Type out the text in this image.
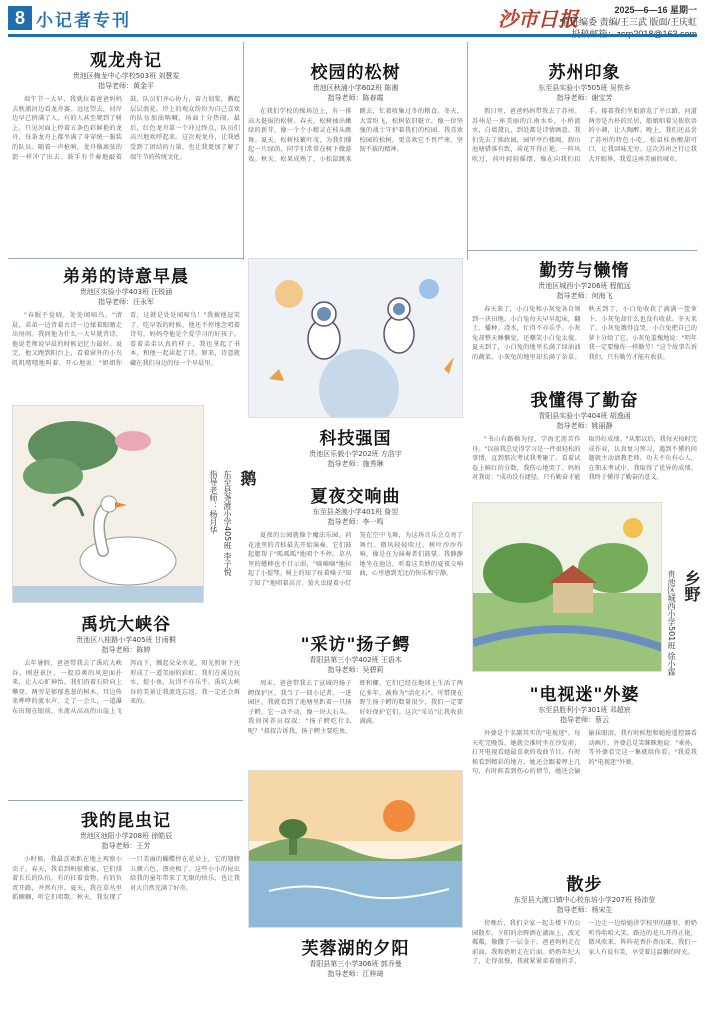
8 小记者专刊	沙市日报	2025—6—16 星期一
值班编委 责编/王三武 版面/王庆虹
观龙舟记
贵池区梅龙中心学校503班 刘慧雯
指导老师：黄金平
端午节一大早，我就拉着爸爸妈妈去秋浦河边看龙舟赛。远远望去，河岸边早已挤满了人，有的人甚至爬到了树上。只见河面上停着五条色彩鲜艳的龙舟，每条龙舟上都坐满了身穿统一服装的队员。随着一声枪响，龙舟像离弦的箭一样冲了出去。鼓手有节奏地敲着鼓，队员们齐心协力，奋力划桨，溅起层层浪花。岸上的观众纷纷为自己喜欢的队伍加油呐喊，场面十分热闹。最后，红色龙舟第一个冲过终点，队员们高兴地欢呼起来。这次观龙舟，让我感受到了团结的力量，也让我更加了解了端午节的传统文化。
校园的松树
贵池区秋浦小学602班 陈湘
指导老师：陈春霞
在我们学校的操场边上，有一排高大挺拔的松树。春天，松树抽出嫩绿的新芽，像一个个小精灵在枝头跳舞。夏天，松树枝繁叶茂，为我们撑起一片绿荫，同学们常常在树下做游戏。秋天，松果成熟了，小松鼠跳来跳去，忙着收集过冬的粮食。冬天，大雪纷飞，松树依旧挺立，像一位坚强的战士守护着我们的校园。我喜欢校园的松树，更喜欢它不畏严寒、坚韧不拔的精神。
苏州印象
东至县实验小学505班 吴佚乡
指导老师：谢宝芳
假日里，爸爸妈妈带我去了苏州。苏州是一座美丽的江南水乡，小桥流水，白墙黛瓦，到处都是诗情画意。我们先去了拙政园，园里亭台楼阁、假山池塘错落有致，荷花开得正艳，一阵风吹过，荷叶轻轻摇摆，像在向我们招手。接着我们坐船游览了平江路，河道两旁是古朴的民居，船娘唱着吴侬软语的小调，让人陶醉。晚上，我们还品尝了苏州的特色小吃，松鼠桂鱼酸甜可口，让我回味无穷。这次苏州之行让我大开眼界，我爱这座美丽的城市。
弟弟的诗意早晨
贵池区实验小学403班 汪锐涵
指导老师：汪永军
"春眠不觉晓，处处闻啼鸟。"清晨，弟弟一边背着古诗一边揉着眼睛走出房间。我问他为什么一大早就背诗，他说老师说早晨的时候记忆力最好。说完，他又跑到阳台上，看着窗外的小鸟叽叽喳喳地叫着，开心地说："姐姐你看，这就是处处闻啼鸟！"我被他逗笑了。吃早饭的时候，他还不停地念叨着诗句，妈妈夸他是个爱学习的好孩子。看着弟弟认真的样子，我也拿起了书本，和他一起读起了诗。原来，诗意就藏在我们身边的每一个早晨里。
勤劳与懒惰
贵池区城西小学206班 程航远
指导老师：何海飞
春天来了，小白兔和小灰兔各自领到一块田地。小白兔每天早早起床，翻土、播种、浇水，忙得不亦乐乎。小灰兔却整天睡懒觉，还嘲笑小白兔太傻。夏天到了，小白兔的地里长满了绿油油的蔬菜，小灰兔的地里却长满了杂草。秋天到了，小白兔收获了满满一筐萝卜，小灰兔却什么也没有收获。冬天来了，小灰兔饿得直哭，小白兔把自己的萝卜分给了它。小灰兔羞愧地说："明年我一定要像你一样勤劳！"这个故事告诉我们，只有勤劳才能有收获。
我懂得了勤奋
青阳县实验小学404班 胡逸函
指导老师：姚丽静
"书山有路勤为径，学海无涯苦作舟。"以前我总觉得学习是一件很轻松的事情，直到那次考试我考砸了。看着试卷上鲜红的分数，我伤心地哭了。妈妈对我说："成功没有捷径，只有勤奋才能取得好成绩。"从那以后，我每天按时完成作业，认真复习预习，遇到不懂的问题就主动请教老师。功夫不负有心人，在期末考试中，我取得了优异的成绩。我终于懂得了勤奋的意义。
鹅
东至县尧渡小学405班 李子悦
指导老师：杨月华
科技强国
贵池区乐毅小学202班 方浩宇
指导老师：施秀琳
夏夜交响曲
东至县尧渡小学401班 詹翌
指导老师：李一鸣
夏夜的公园就像个魔法乐园。荷花池里的青蛙最先开始演奏，它们鼓起腮帮子"呱呱呱"地唱个不停。草丛里的蟋蟀也不甘示弱，"嘀嘀嘀"地拉起了小提琴。树上的知了扯着嗓子"知了知了"地唱着高音。萤火虫提着小灯笼在空中飞舞，为这场音乐会点亮了舞台。微风轻轻吹过，树叶沙沙作响，像是在为演奏者们鼓掌。我静静地坐在池边，听着这美妙的夏夜交响曲，心里感到无比的快乐和宁静。	乡野
贵池区城西小学501班 徐小霖
禹坑大峡谷
贵池区八桂路小学405班 甘雨桐
指导老师：陈婷
去年暑假，爸爸带我去了禹坑大峡谷。刚进景区，一股凉爽的风迎面扑来，让人心旷神怡。我们沿着石阶向上攀登，两旁是郁郁葱葱的树木，耳边传来哗哗的流水声。走了一会儿，一道瀑布出现在眼前，水流从高高的山崖上飞泻而下，溅起朵朵水花，阳光照射下还形成了一道美丽的彩虹。我们在溪边玩水，捉小鱼，玩得不亦乐乎。禹坑大峡谷的美景让我流连忘返，我一定还会再来的。
"采访"扬子鳄
青阳县第三小学402班 王语木
指导老师：吴碧莉
周末，爸爸带我去了宣城的扬子鳄保护区，我当了一回小记者。一进园区，我就看到了池塘里趴着一只扬子鳄，它一动不动，像一块大石头。我问饲养员叔叔："扬子鳄吃什么呢？"叔叔告诉我，扬子鳄主要吃鱼、虾和螺，它们已经在地球上生活了两亿多年，被称为"活化石"。可惜现在野生扬子鳄的数量很少，我们一定要好好保护它们。这次"采访"让我收获满满。
"电视迷"外婆
东至县胜利小学301班 邓超宸
指导老师：蔡云
外婆是个名副其实的"电视迷"。每天吃完晚饭，她就会准时坐在沙发前，打开电视看她最喜欢的戏曲节目。有时候看到精彩的地方，她还会跟着哼上几句，有时候看到伤心的情节，她还会偷偷抹眼泪。我有时候想和她抢遥控器看动画片，外婆总是笑眯眯地说："乖孙，等外婆看完这一集就给你看。"我爱我的"电视迷"外婆。
我的昆虫记
贵池区池阳小学208班 徐皓辰
指导老师：王芳
小时候，我最喜欢趴在地上观察小虫子。春天，我看到蚂蚁搬家，它们排着长长的队伍，有的扛着食物，有的负责开路，井然有序。夏天，我在草丛里抓蝈蝈，听它们唱歌。秋天，我发现了一只美丽的蝴蝶停在花朵上，它的翅膀五颜六色，漂亮极了。这些小小的昆虫给我的童年带来了无限的快乐，也让我对大自然充满了好奇。
芙蓉湖的夕阳
青阳县第三小学306班 郭乔曼
指导老师：江梓琦
散步
东至县大渡口镇中心校东培小学207班 杨沛莹
指导老师：杨宋生
傍晚后，我们全家一起去楼下的公园散步。夕阳的余晖洒在湖面上，波光粼粼，像撒了一层金子。爸爸妈妈走在前面，我和奶奶走在后面。奶奶年纪大了，走得很慢，我就紧紧牵着她的手，一边走一边给她讲学校里的趣事，奶奶听得哈哈大笑。路边的花儿开得正艳，微风吹来，阵阵花香扑鼻而来。我们一家人有说有笑，享受着这温馨的时光。
